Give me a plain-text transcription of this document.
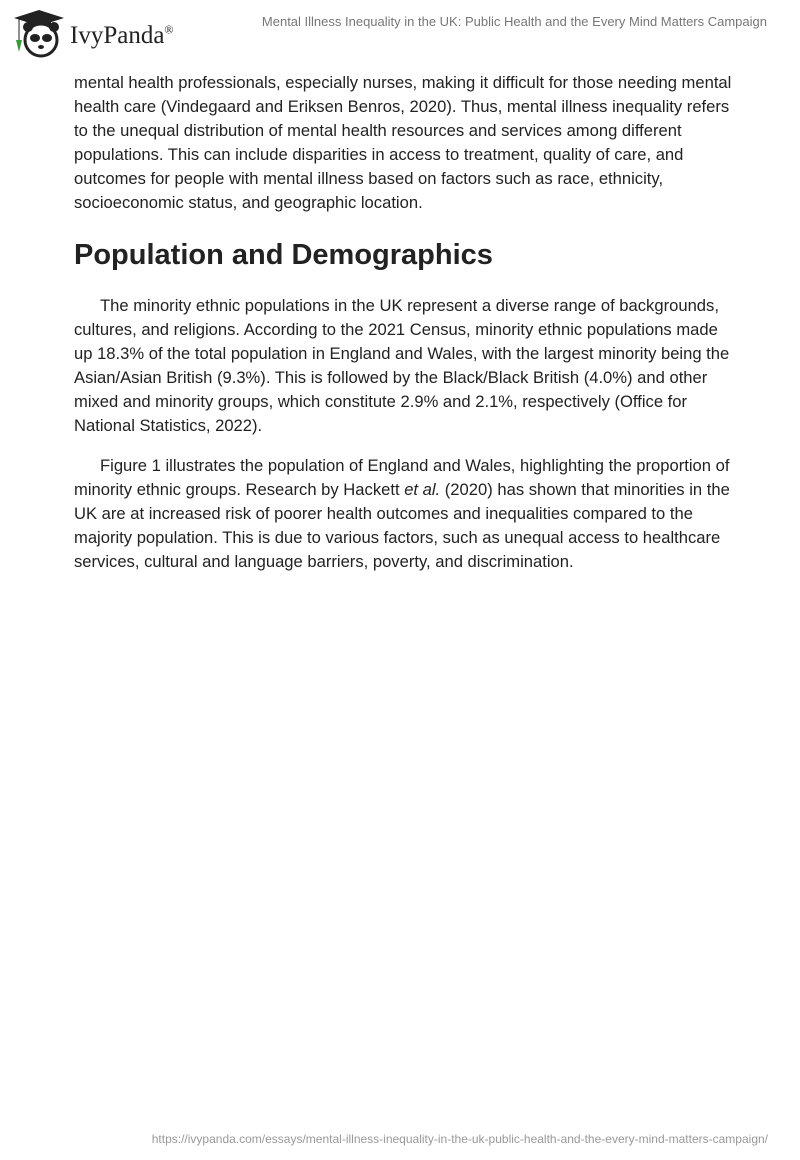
IvyPanda®
Mental Illness Inequality in the UK: Public Health and the Every Mind Matters Campaign

mental health professionals, especially nurses, making it difficult for those needing mental health care (Vindegaard and Eriksen Benros, 2020). Thus, mental illness inequality refers to the unequal distribution of mental health resources and services among different populations. This can include disparities in access to treatment, quality of care, and outcomes for people with mental illness based on factors such as race, ethnicity, socioeconomic status, and geographic location.

Population and Demographics

The minority ethnic populations in the UK represent a diverse range of backgrounds, cultures, and religions. According to the 2021 Census, minority ethnic populations made up 18.3% of the total population in England and Wales, with the largest minority being the Asian/Asian British (9.3%). This is followed by the Black/Black British (4.0%) and other mixed and minority groups, which constitute 2.9% and 2.1%, respectively (Office for National Statistics, 2022).

Figure 1 illustrates the population of England and Wales, highlighting the proportion of minority ethnic groups. Research by Hackett et al. (2020) has shown that minorities in the UK are at increased risk of poorer health outcomes and inequalities compared to the majority population. This is due to various factors, such as unequal access to healthcare services, cultural and language barriers, poverty, and discrimination.

https://ivypanda.com/essays/mental-illness-inequality-in-the-uk-public-health-and-the-every-mind-matters-campaign/
